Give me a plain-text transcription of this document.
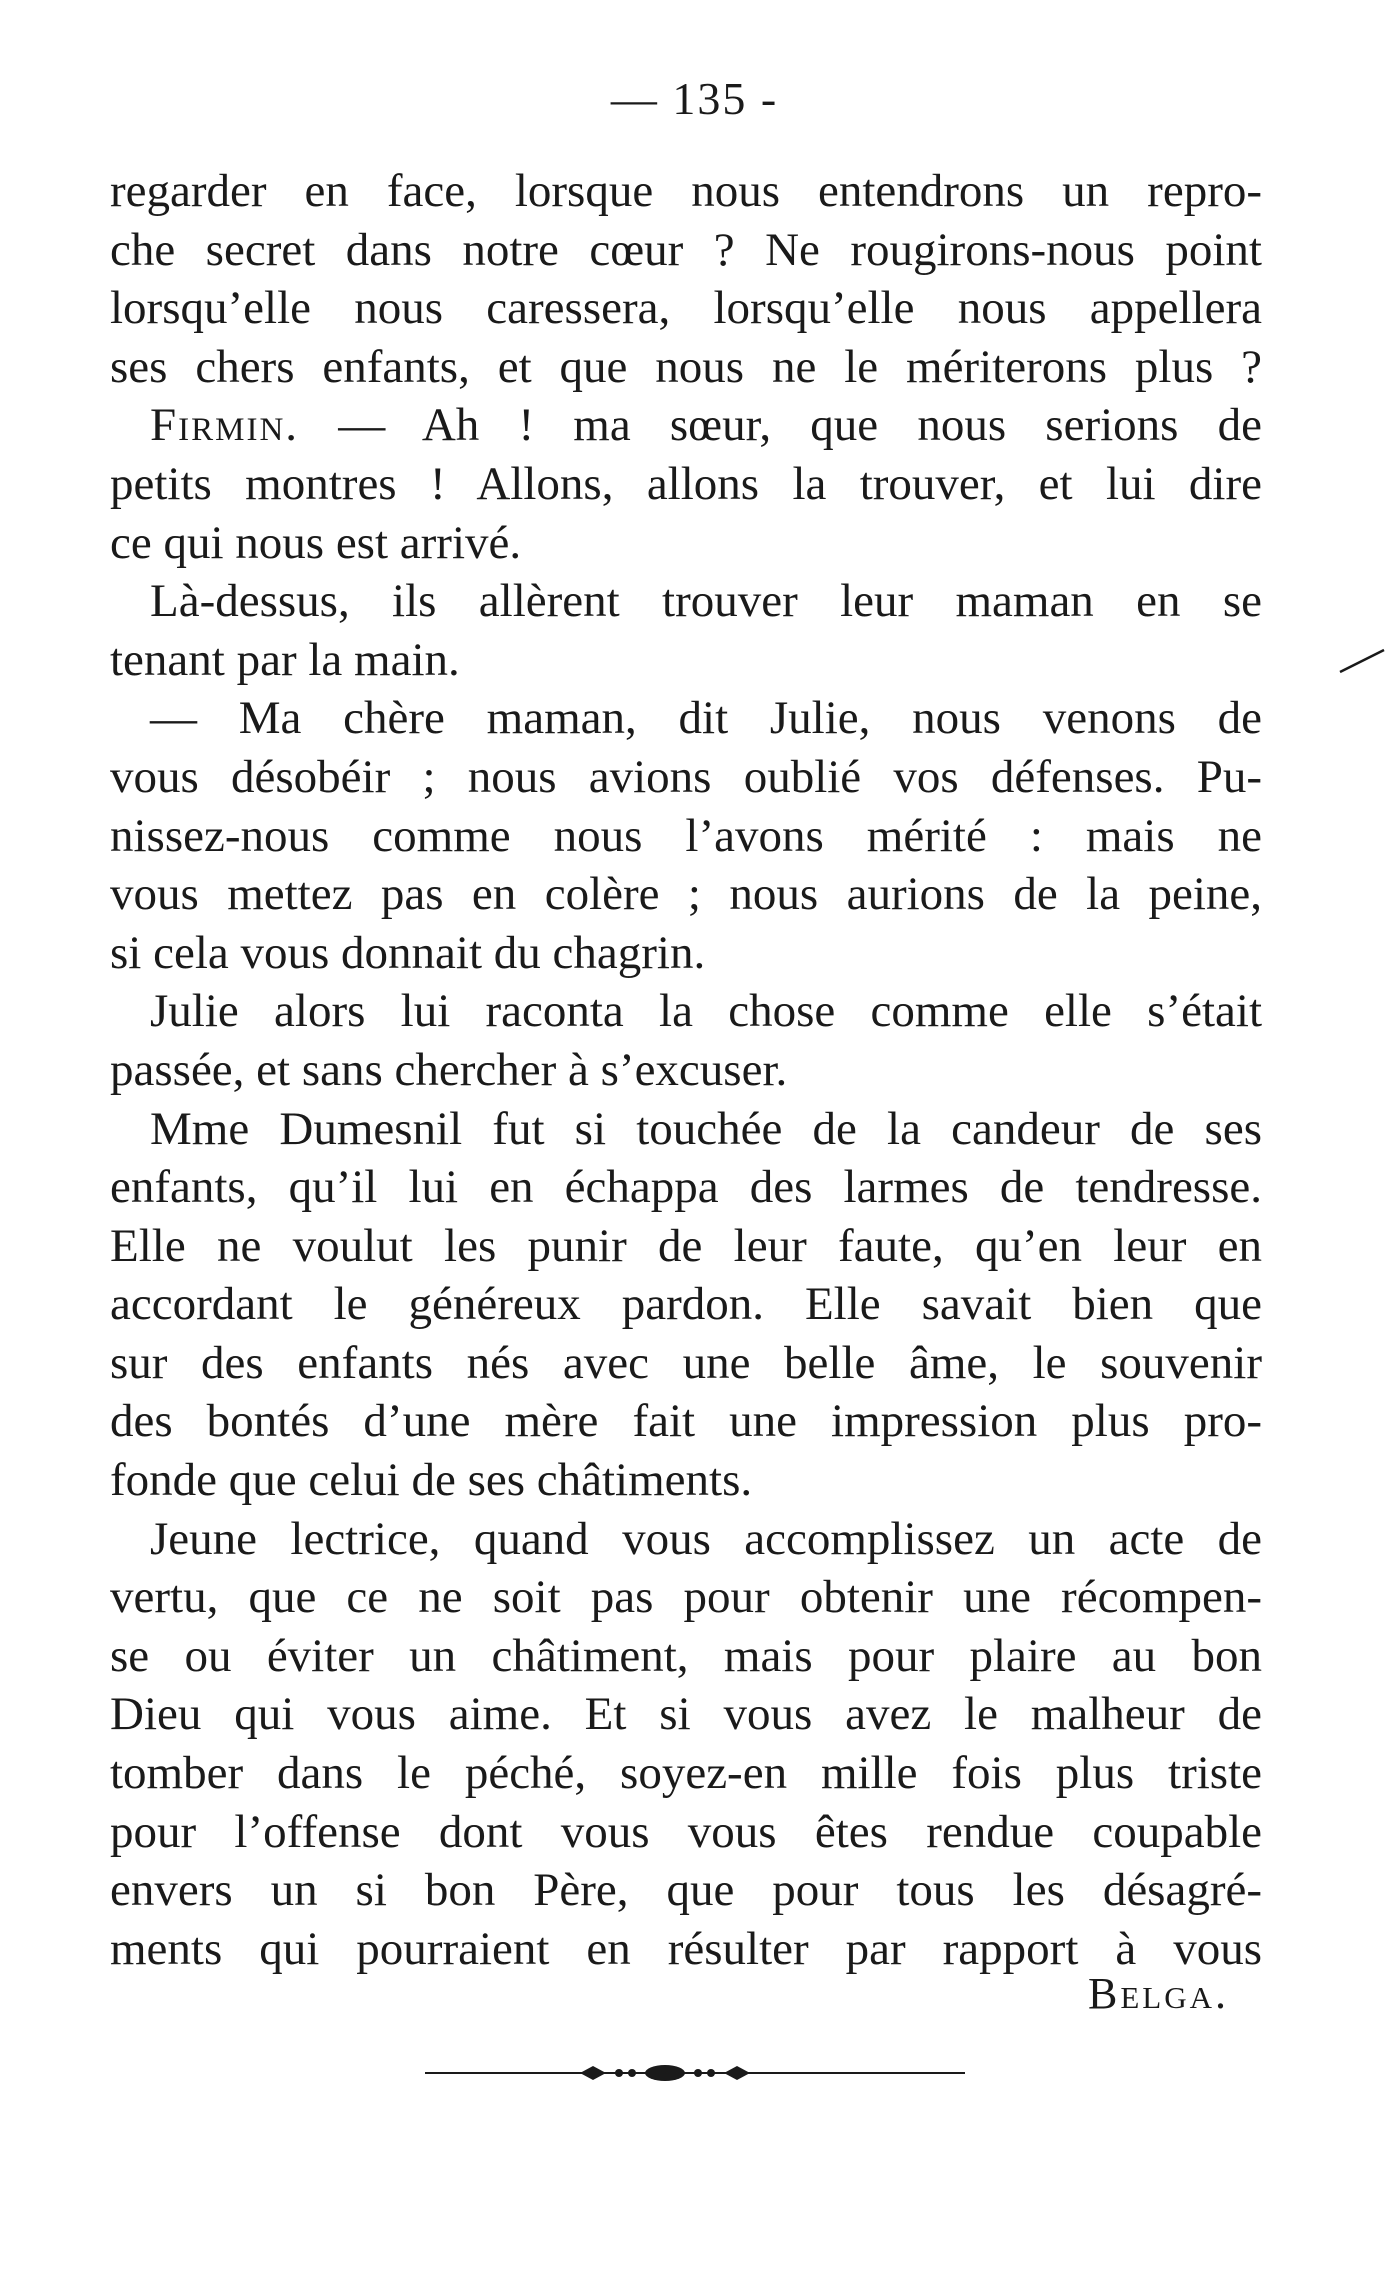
— 135 -

regarder en face, lorsque nous entendrons un repro-
che secret dans notre cœur ? Ne rougirons-nous point
lorsqu’elle nous caressera, lorsqu’elle nous appellera
ses chers enfants, et que nous ne le mériterons plus ?

Firmin. — Ah ! ma sœur, que nous serions de
petits montres ! Allons, allons la trouver, et lui dire
ce qui nous est arrivé.

Là-dessus, ils allèrent trouver leur maman en se
tenant par la main.

— Ma chère maman, dit Julie, nous venons de
vous désobéir ; nous avions oublié vos défenses. Pu-
nissez-nous comme nous l’avons mérité : mais ne
vous mettez pas en colère ; nous aurions de la peine,
si cela vous donnait du chagrin.

Julie alors lui raconta la chose comme elle s’était
passée, et sans chercher à s’excuser.

Mme Dumesnil fut si touchée de la candeur de ses
enfants, qu’il lui en échappa des larmes de tendresse.
Elle ne voulut les punir de leur faute, qu’en leur en
accordant le généreux pardon. Elle savait bien que
sur des enfants nés avec une belle âme, le souvenir
des bontés d’une mère fait une impression plus pro-
fonde que celui de ses châtiments.

Jeune lectrice, quand vous accomplissez un acte de
vertu, que ce ne soit pas pour obtenir une récompen-
se ou éviter un châtiment, mais pour plaire au bon
Dieu qui vous aime. Et si vous avez le malheur de
tomber dans le péché, soyez-en mille fois plus triste
pour l’offense dont vous vous êtes rendue coupable
envers un si bon Père, que pour tous les désagré-
ments qui pourraient en résulter par rapport à vous

Belga.
